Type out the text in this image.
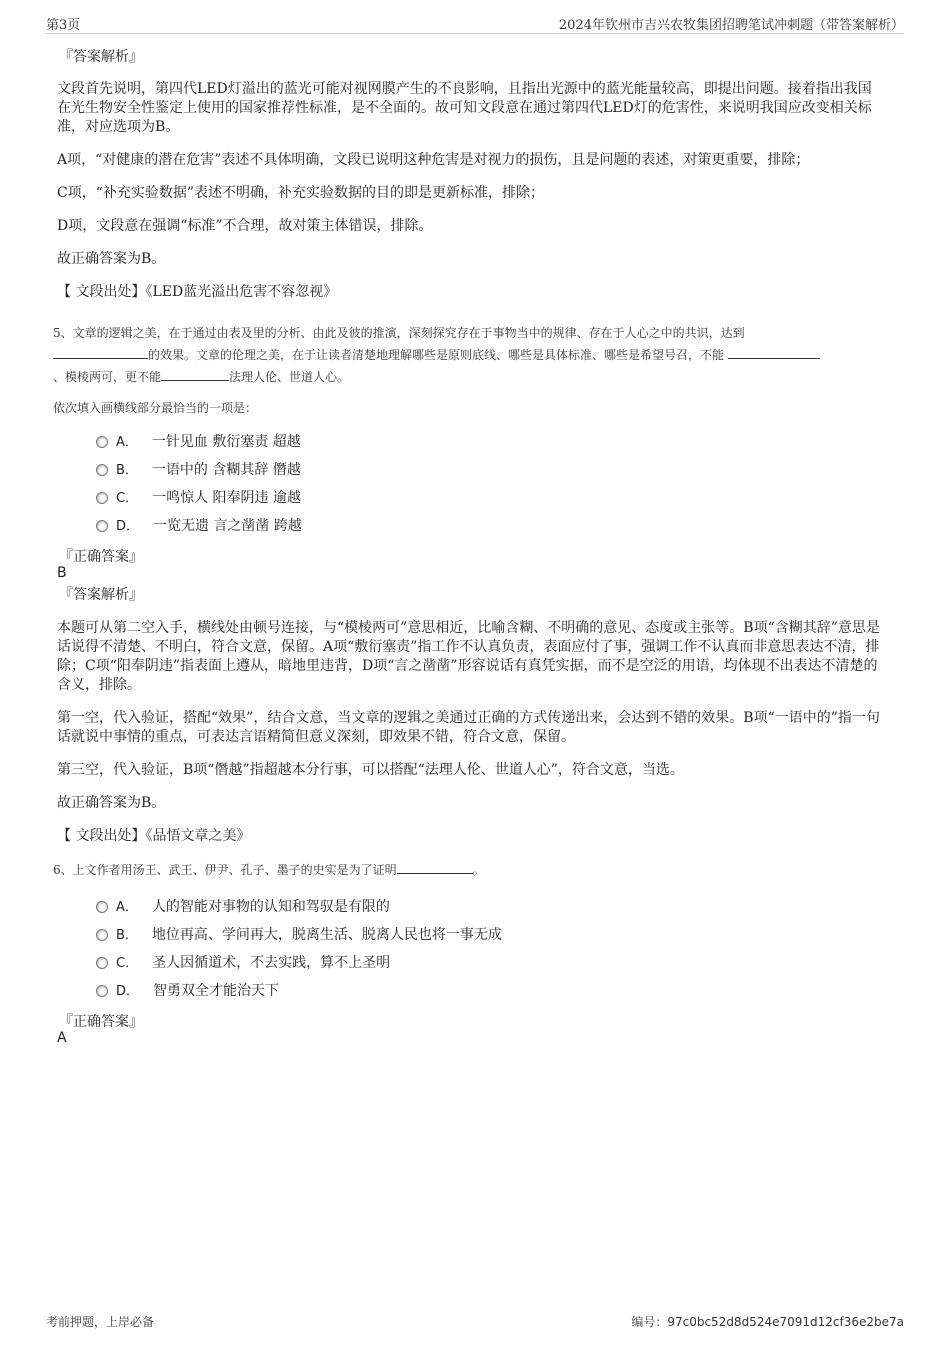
第3页	2024年钦州市吉兴农牧集团招聘笔试冲刺题（带答案解析）
『答案解析』

文段首先说明，第四代LED灯溢出的蓝光可能对视网膜产生的不良影响，且指出光源中的蓝光能量较高，即提出问题。接着指出我国在光生物安全性鉴定上使用的国家推荐性标准，是不全面的。故可知文段意在通过第四代LED灯的危害性，来说明我国应改变相关标准，对应选项为B。

A项，“对健康的潜在危害”表述不具体明确，文段已说明这种危害是对视力的损伤，且是问题的表述，对策更重要，排除；

C项，“补充实验数据”表述不明确，补充实验数据的目的即是更新标准，排除；

D项，文段意在强调“标准”不合理，故对策主体错误，排除。

故正确答案为B。

【 文段出处】《LED蓝光溢出危害不容忽视》
5、文章的逻辑之美，在于通过由表及里的分析、由此及彼的推演，深刻探究存在于事物当中的规律、存在于人心之中的共识，达到
的效果。文章的伦理之美，在于让读者清楚地理解哪些是原则底线、哪些是具体标准、哪些是希望号召，不能
、模棱两可，更不能	法理人伦、世道人心。
依次填入画横线部分最恰当的一项是：
A． 一针见血 敷衍塞责 超越
B． 一语中的 含糊其辞 僭越
C． 一鸣惊人 阳奉阴违 逾越
D． 一览无遗 言之凿凿 跨越
『正确答案』
B
『答案解析』

本题可从第二空入手，横线处由顿号连接，与“模棱两可”意思相近，比喻含糊、不明确的意见、态度或主张等。B项“含糊其辞”意思是话说得不清楚、不明白，符合文意，保留。A项“敷衍塞责”指工作不认真负责，表面应付了事，强调工作不认真而非意思表达不清，排除；C项“阳奉阴违”指表面上遵从，暗地里违背，D项“言之凿凿”形容说话有真凭实据，而不是空泛的用语，均体现不出表达不清楚的含义，排除。

第一空，代入验证，搭配“效果”，结合文意，当文章的逻辑之美通过正确的方式传递出来，会达到不错的效果。B项“一语中的”指一句话就说中事情的重点，可表达言语精简但意义深刻，即效果不错，符合文意，保留。

第三空，代入验证，B项“僭越”指超越本分行事，可以搭配“法理人伦、世道人心”，符合文意，当选。

故正确答案为B。

【 文段出处】《品悟文章之美》
6、上文作者用汤王、武王、伊尹、孔子、墨子的史实是为了证明	。
A． 人的智能对事物的认知和驾驭是有限的
B． 地位再高、学问再大，脱离生活、脱离人民也将一事无成
C． 圣人因循道术，不去实践，算不上圣明
D． 智勇双全才能治天下
『正确答案』
A
考前押题，上岸必备	编号：97c0bc52d8d524e7091d12cf36e2be7a
